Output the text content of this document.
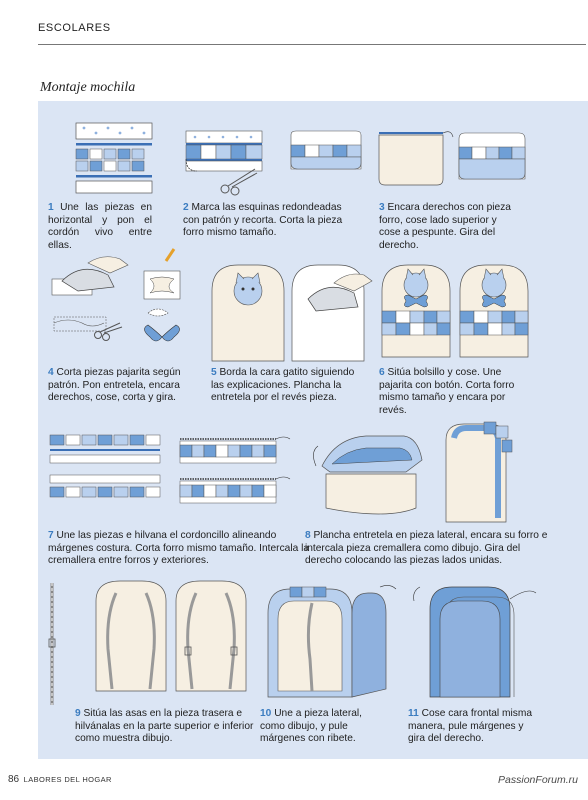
ESCOLARES
Montaje mochila
1 Une las piezas en horizontal y pon el cordón vivo entre ellas.
2 Marca las esquinas redondeadas con patrón y recorta. Corta la pieza forro mismo tamaño.
3 Encara derechos con pieza forro, cose lado superior y cose a pespunte. Gira del derecho.
4 Corta piezas pajarita según patrón. Pon entretela, encara derechos, cose, corta y gira.
5 Borda la cara gatito siguiendo las explicaciones. Plancha la entretela por el revés pieza.
6 Sitúa bolsillo y cose. Une pajarita con botón. Corta forro mismo tamaño y encara por revés.
7 Une las piezas e hilvana el cordoncillo alineando márgenes costura. Corta forro mismo tamaño. Intercala la cremallera entre forros y exteriores.
8 Plancha entretela en pieza lateral, encara su forro e intercala pieza cremallera como dibujo. Gira del derecho colocando las piezas lados unidas.
9 Sitúa las asas en la pieza trasera e hilvánalas en la parte superior e inferior como muestra dibujo.
10 Une a pieza lateral, como dibujo, y pule márgenes con ribete.
11 Cose cara frontal misma manera, pule márgenes y gira del derecho.
86 LABORES DEL HOGAR	PassionForum.ru
